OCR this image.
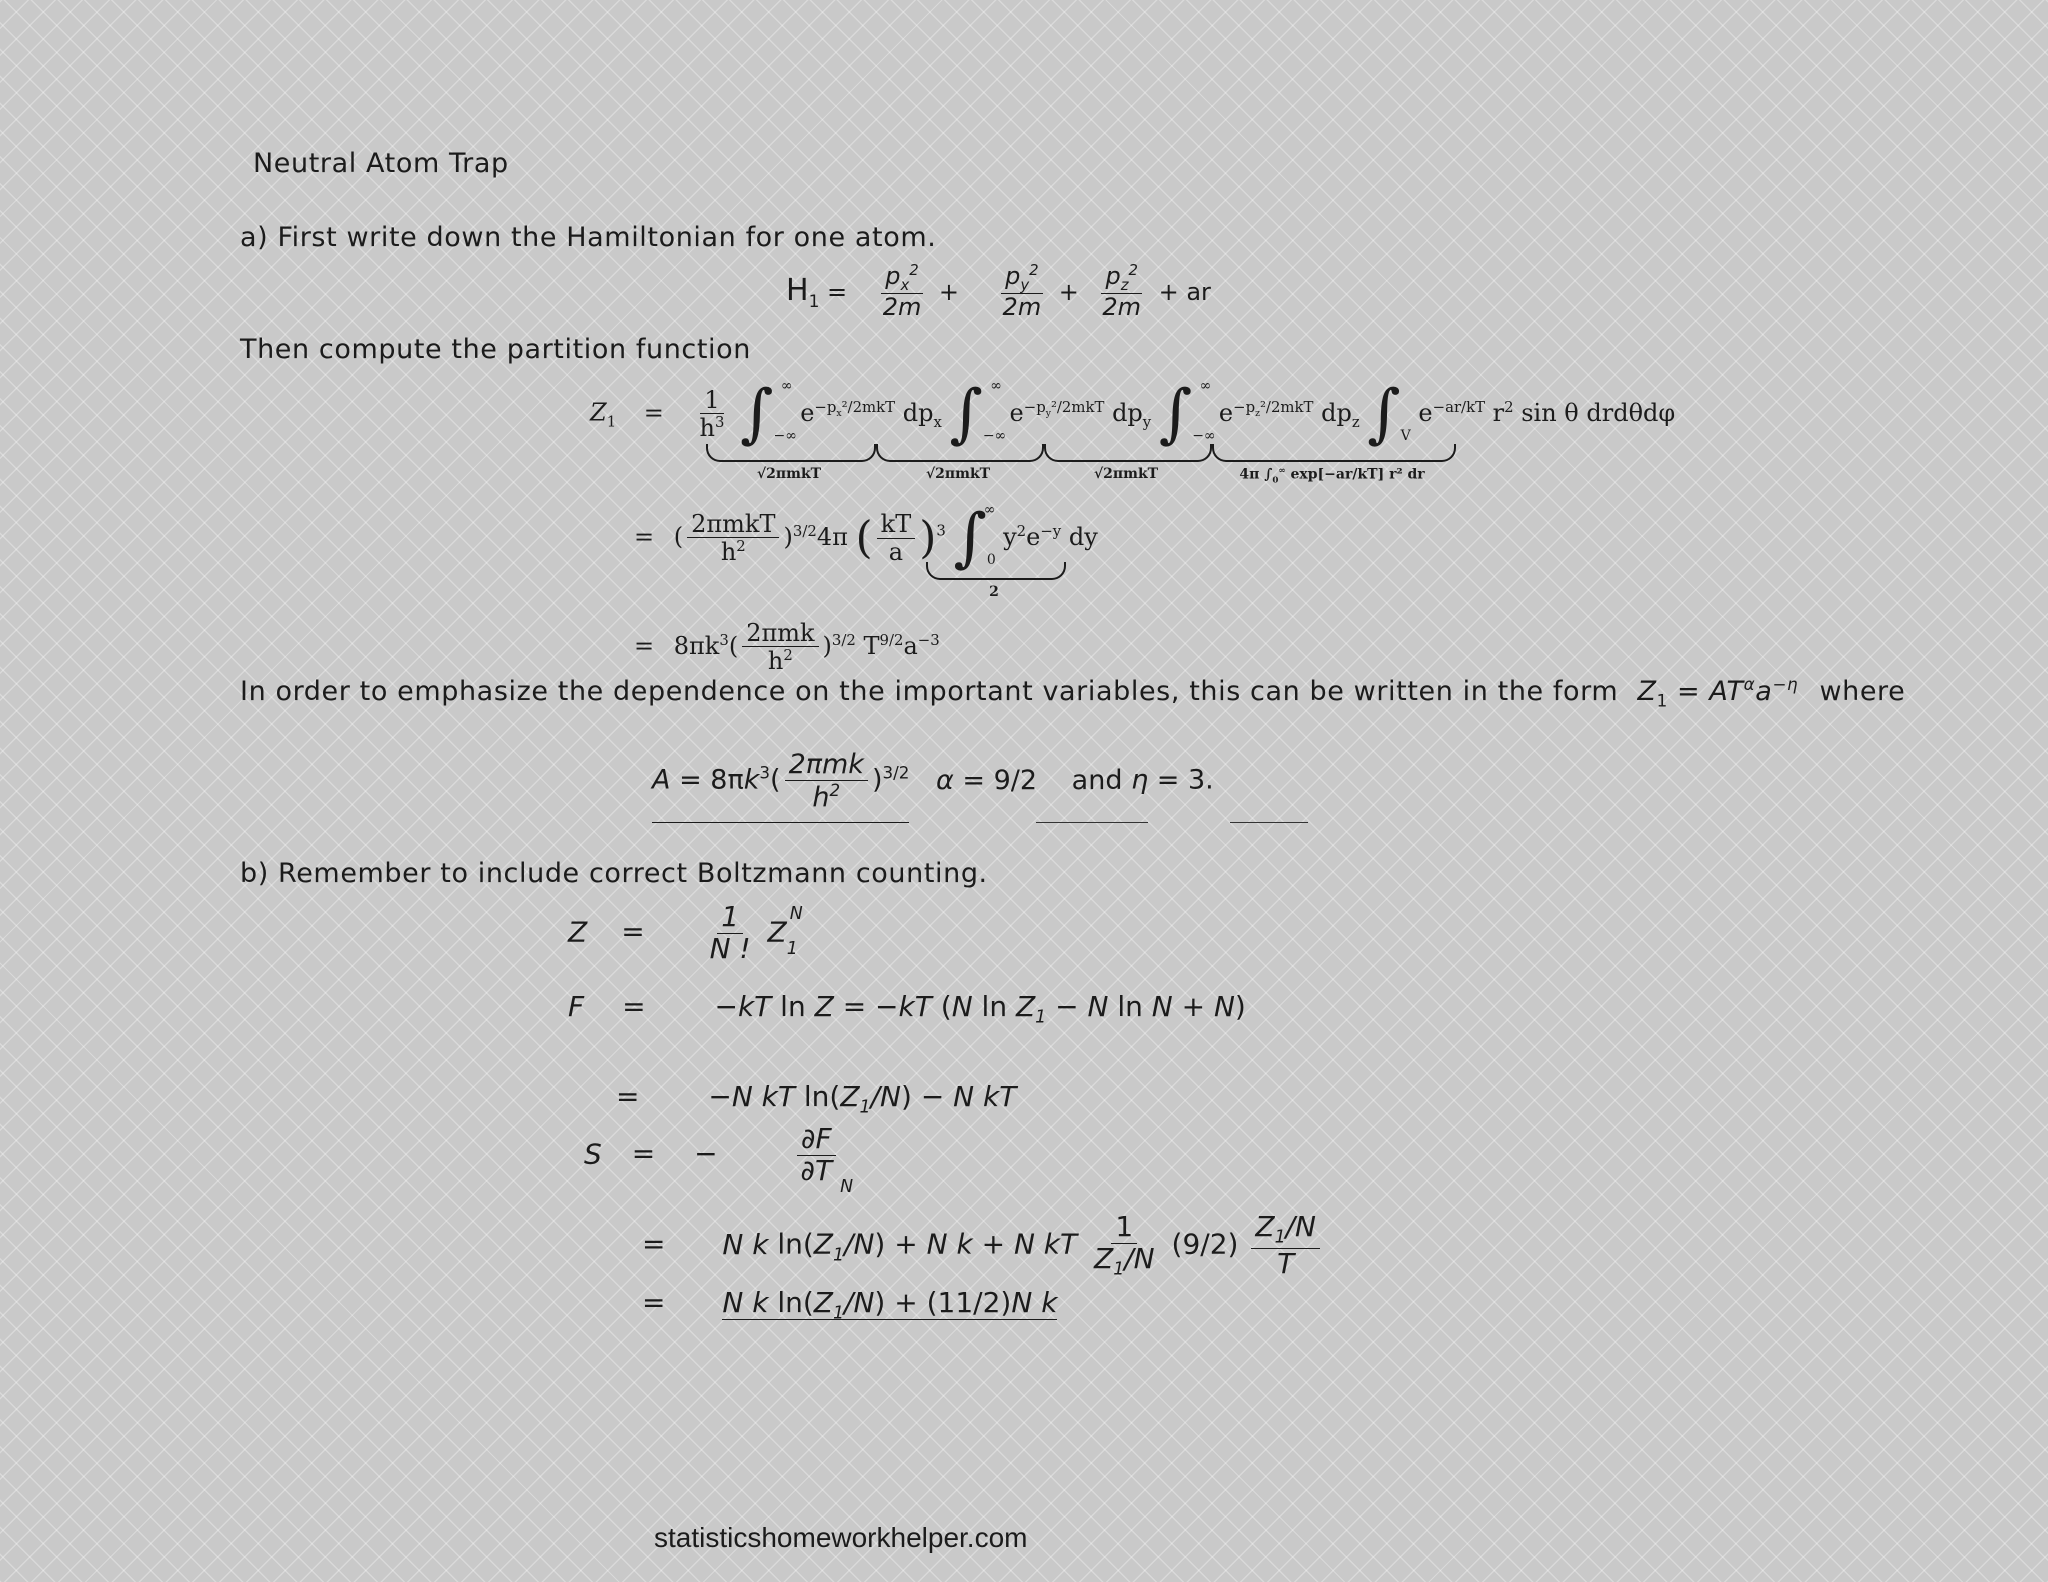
Neutral Atom Trap
a) First write down the Hamiltonian for one atom.
$H_1 = \frac{p_x^2}{2m} + \frac{p_y^2}{2m} + \frac{p_z^2}{2m}$ + ar
Then compute the partition function
$Z_1 = \frac{1}{h^3} \int_{-\infty}^\infty$ $e^{-p_x^2/2mkT}$ $dp_x$ $\int_{-\infty}^\infty$ $e^{-p_y^2/2mkT}$ $dp_y$ $\int_{-\infty}^\infty$ $e^{-p_z^2/2mkT}$ $dp_z$ $\int_V$ $e^{-ar/kT}$ $r^2$ sin θ drdθdφ
√2πmkT	√2πmkT	√2πmkT	4π $\int_0^\infty$ exp[−ar/kT] r² dr
= ( $\frac{\text{2πmkT}}{h^2} )^{3/2}4\pi$ ( $\frac{kT}{a} )^3$ $\int_0^\infty$ $y^2e^{-y}$ dy
2
= $8\pi k^3( \frac{\text{2πmk}}{h^2} )^{3/2}$ $T^{9/2}a^{-3}$
In order to emphasize the dependence on the important variables, this can be written in the form $Z_1 = AT^\alpha a^{-\eta}$ where
$A = 8\pi k^3( \frac{\text{2πmk}}{h^2} )^{3/2}$ α = 9/2 and η = 3.
b) Remember to include correct Boltzmann counting.
$Z = \frac{1}{N !} Z_1^N$
F = −kT ln Z = −kT (N $\ln Z_1 - N$ ln N + N)
= −N kT $\ln(Z_1/N) - N$ kT
S = −	$\frac{\partial F}{\partial T}$
$_N$
= N k $\ln(Z_1/N) + N$ k + N kT $\frac{1}{Z_1/N} (9/2) \frac{Z_1/N}{T}$
= N k $\ln(Z_1/N) + (11/2)N$ k
statisticshomeworkhelper.com
